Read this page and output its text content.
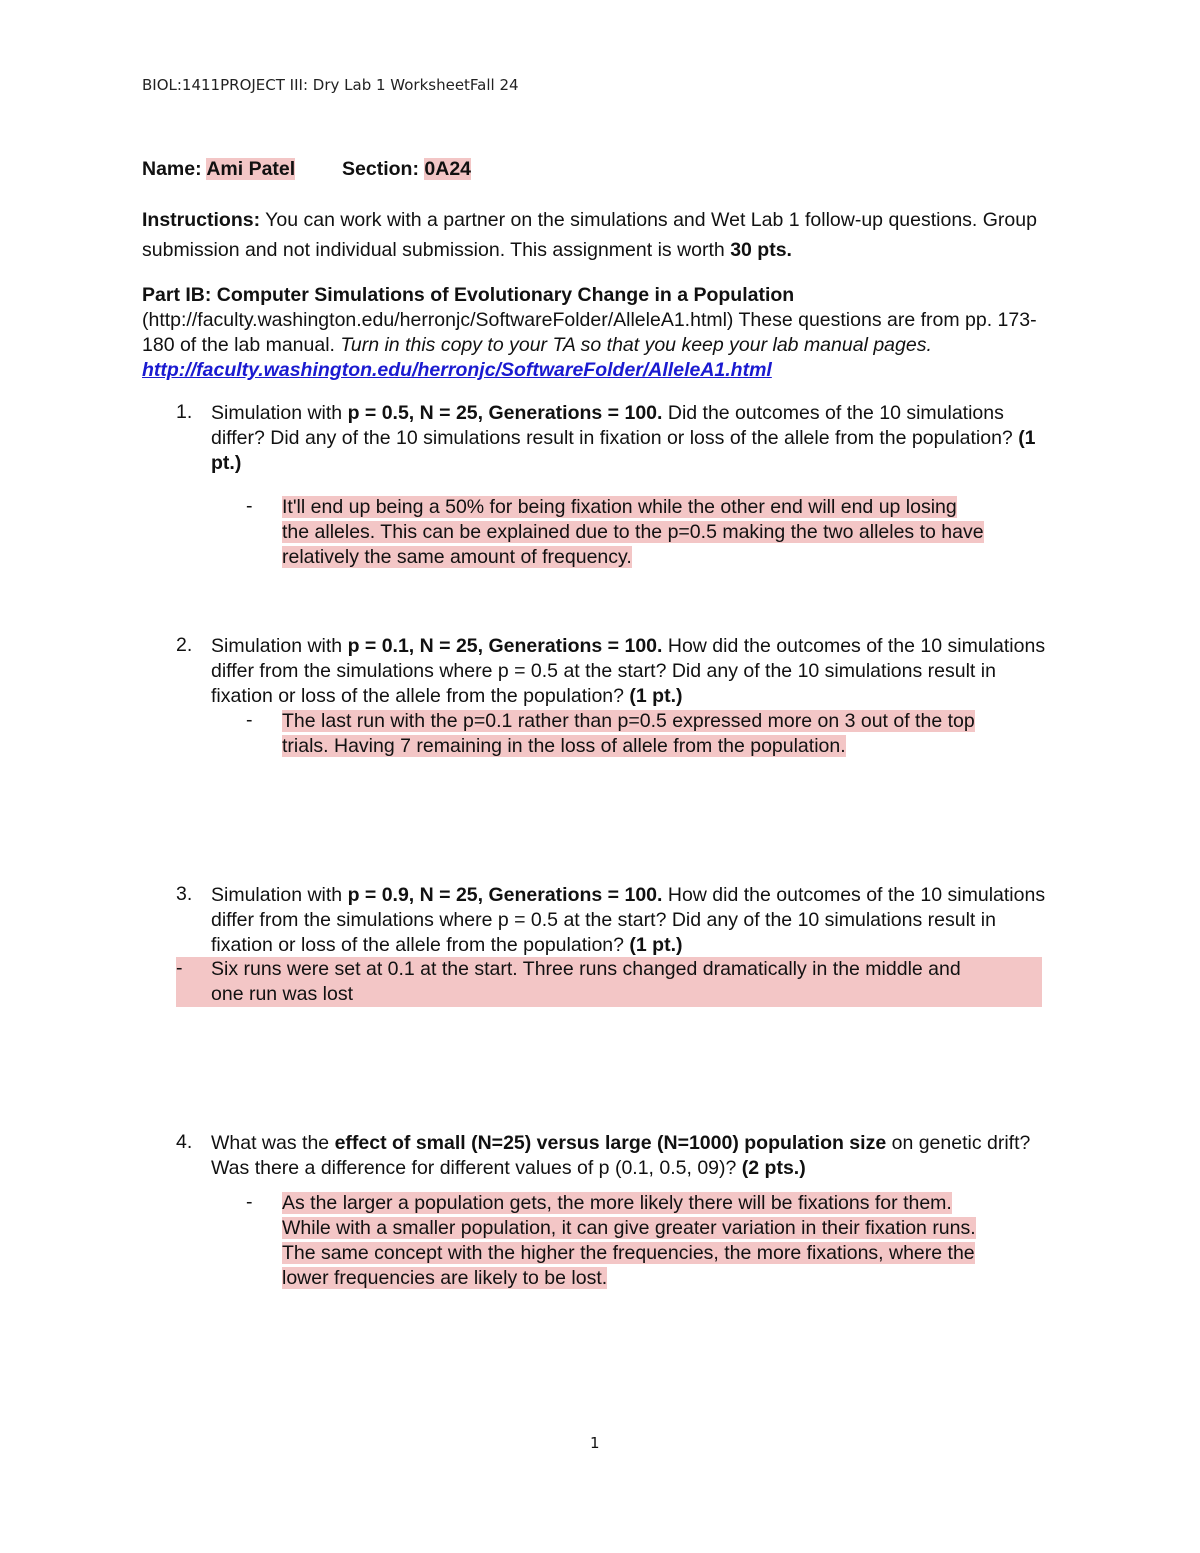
BIOL:1411PROJECT III: Dry Lab 1 WorksheetFall 24
Name: Ami Patel Section: 0A24
Instructions: You can work with a partner on the simulations and Wet Lab 1 follow-up questions. Group submission and not individual submission. This assignment is worth 30 pts.
Part IB: Computer Simulations of Evolutionary Change in a Population
(http://faculty.washington.edu/herronjc/SoftwareFolder/AlleleA1.html) These questions are from pp. 173-180 of the lab manual. Turn in this copy to your TA so that you keep your lab manual pages. http://faculty.washington.edu/herronjc/SoftwareFolder/AlleleA1.html
1. Simulation with p = 0.5, N = 25, Generations = 100. Did the outcomes of the 10 simulations differ? Did any of the 10 simulations result in fixation or loss of the allele from the population? (1 pt.)
- It'll end up being a 50% for being fixation while the other end will end up losing
the alleles. This can be explained due to the p=0.5 making the two alleles to have
relatively the same amount of frequency.
2. Simulation with p = 0.1, N = 25, Generations = 100. How did the outcomes of the 10 simulations differ from the simulations where p = 0.5 at the start? Did any of the 10 simulations result in fixation or loss of the allele from the population? (1 pt.)
- The last run with the p=0.1 rather than p=0.5 expressed more on 3 out of the top
trials. Having 7 remaining in the loss of allele from the population.
3. Simulation with p = 0.9, N = 25, Generations = 100. How did the outcomes of the 10 simulations differ from the simulations where p = 0.5 at the start? Did any of the 10 simulations result in fixation or loss of the allele from the population? (1 pt.)
- Six runs were set at 0.1 at the start. Three runs changed dramatically in the middle and
one run was lost
4. What was the effect of small (N=25) versus large (N=1000) population size on genetic drift? Was there a difference for different values of p (0.1, 0.5, 09)? (2 pts.)
- As the larger a population gets, the more likely there will be fixations for them.
While with a smaller population, it can give greater variation in their fixation runs.
The same concept with the higher the frequencies, the more fixations, where the
lower frequencies are likely to be lost.
1
